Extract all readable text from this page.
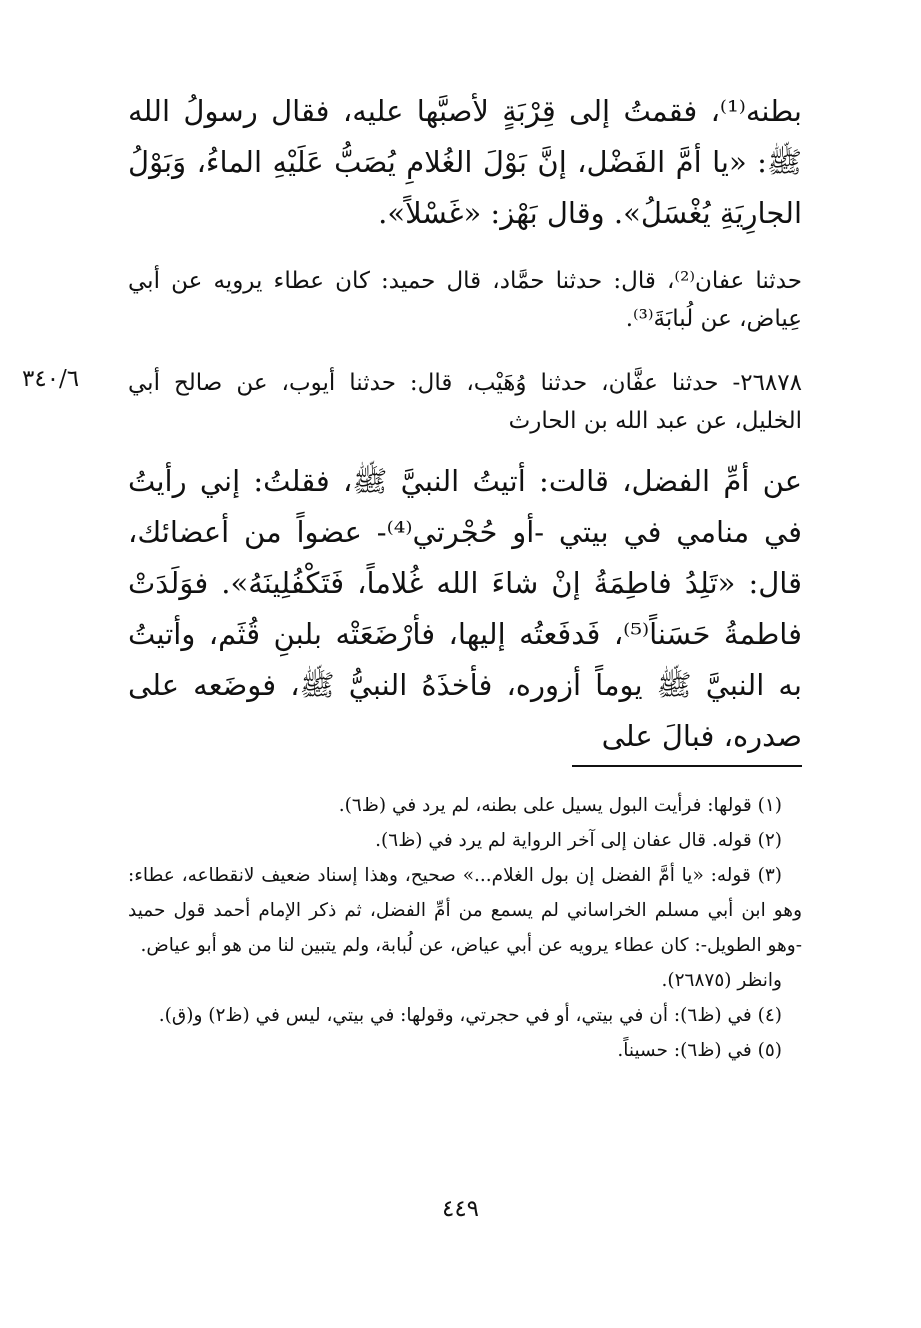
بطنه⁽¹⁾، فقمتُ إلى قِرْبَةٍ لأصبَّها عليه، فقال رسولُ الله ﷺ: «يا أمَّ الفَضْل، إنَّ بَوْلَ الغُلامِ يُصَبُّ عَلَيْهِ الماءُ، وَبَوْلُ الجارِيَةِ يُغْسَلُ». وقال بَهْز: «غَسْلاً».

حدثنا عفان⁽²⁾، قال: حدثنا حمَّاد، قال حميد: كان عطاء يرويه عن أبي عِياض، عن لُبابَةَ⁽³⁾.

٢٦٨٧٨- حدثنا عفَّان، حدثنا وُهَيْب، قال: حدثنا أيوب، عن صالح أبي الخليل، عن عبد الله بن الحارث

٣٤٠/٦

عن أمِّ الفضل، قالت: أتيتُ النبيَّ ﷺ، فقلتُ: إني رأيتُ في منامي في بيتي -أو حُجْرتي⁽⁴⁾- عضواً من أعضائك، قال: «تَلِدُ فاطِمَةُ إنْ شاءَ الله غُلاماً، فَتَكْفُلِينَهُ». فوَلَدَتْ فاطمةُ حَسَناً⁽⁵⁾، فَدفَعتُه إليها، فأرْضَعَتْه بلبنِ قُثَم، وأتيتُ به النبيَّ ﷺ يوماً أزوره، فأخذَهُ النبيُّ ﷺ، فوضَعه على صدره، فبالَ على

(١) قولها: فرأيت البول يسيل على بطنه، لم يرد في (ظ٦).

(٢) قوله. قال عفان إلى آخر الرواية لم يرد في (ظ٦).

(٣) قوله: «يا أمَّ الفضل إن بول الغلام...» صحيح، وهذا إسناد ضعيف لانقطاعه، عطاء: وهو ابن أبي مسلم الخراساني لم يسمع من أمِّ الفضل، ثم ذكر الإمام أحمد قول حميد -وهو الطويل-: كان عطاء يرويه عن أبي عياض، عن لُبابة، ولم يتبين لنا من هو أبو عياض.

وانظر (٢٦٨٧٥).

(٤) في (ظ٦): أن في بيتي، أو في حجرتي، وقولها: في بيتي، ليس في (ظ٢) و(ق).

(٥) في (ظ٦): حسيناً.

٤٤٩
